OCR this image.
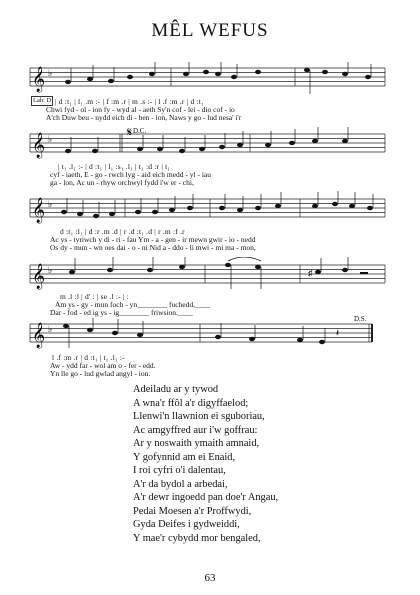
MÊL WEFUS
𝄞 ♭
Lah: D | d :t₁ | l₁ .m :- | f :m .r | m .s :- | l .f :m .r | d :t₁
Chwi fyd - ol - ion fy - wyd al - aeth Sy'n cof - lei - dio cof - io
A'ch Duw beu - nydd eich di - ben - ion, Naws y go - lud nesa' i'r
D.C.
𝄞 ♭	𝄋
| t₁ .l₁ :- | d :t₁ | l₁ :s₁ .l₁ | t₁ :d :r | t₁
cyf - iaeth, E - go - rwch lyg - aid eich medd - yl - iau
ga - lon, Ac un - rhyw orchwyl fydd i'w er - chi,
𝄞 ♭
d :t₁ :l₁ | d :r .m .d | r .d :t₁ .d | r .m :f .r
Ac ys - tyriwch y di - ri - fau Ym - a - gen - ir mewn gwir - io - nedd
Os dy - mun - wn oes dai - o - ni Nid a - ddo - li mwi - mi ma - mon,
𝄞 ♭	♯
m .l :l | d' : | se .l :- | :
Am ys - gy - mun foch - yn________ fuchedd,____
Dar - fod - ed ig ys - ig________ friwsion.____
D.S.
𝄞 ♭	𝄽
l .f :m .r | d :t₁ | t₁ .l₁ :-
Aw - ydd far - wol am o - fer - edd.
Yn lle go - lud gwlad angyl - ion.
Adeiladu ar y tywod
A wna'r ffôl a'r digyffaelod;
Llenwi'n llawnion ei sguboriau,
Ac amgyffred aur i'w goffrau:
Ar y noswaith ymaith amnaid,
Y gofynnid am ei Enaid,
I roi cyfri o'i dalentau,
A'r da bydol a arbedai,
A'r dewr ingoedd pan doe'r Angau,
Pedai Moesen a'r Proffwydi,
Gyda Deifes i gydweiddi,
Y mae'r cybydd mor bengaled,
63
